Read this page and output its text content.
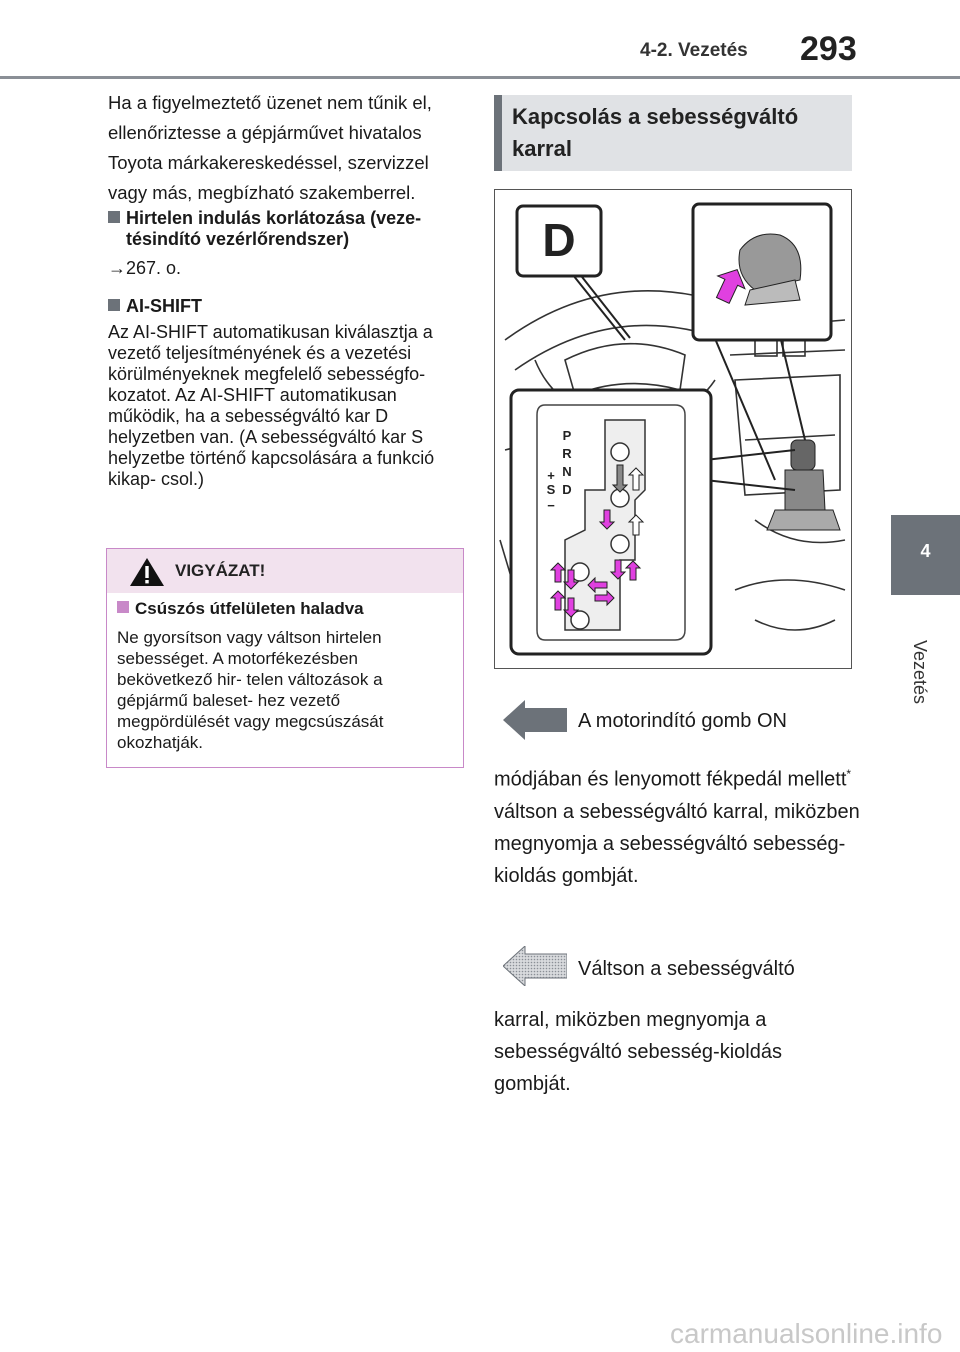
4-2. Vezetés 293
4
Vezetés
Ha a figyelmeztető üzenet nem tűnik el, ellenőriztesse a gépjárművet hivatalos Toyota márkakereskedéssel, szervizzel vagy más, megbízható szakemberrel.
Hirtelen indulás korlátozása (veze-
tésindító vezérlőrendszer)
→267. o.
AI-SHIFT
Az AI-SHIFT automatikusan kiválasztja a vezető teljesítményének és a vezetési körülményeknek megfelelő sebességfo- kozatot. Az AI-SHIFT automatikusan működik, ha a sebességváltó kar D helyzetben van. (A sebességváltó kar S helyzetbe történő kapcsolására a funkció kikap- csol.)
VIGYÁZAT!
Csúszós útfelületen haladva
Ne gyorsítson vagy váltson hirtelen sebességet. A motorfékezésben bekövetkező hir- telen változások a gépjármű baleset- hez vezető megpördülését vagy megcsúszását okozhatják.
Kapcsolás a sebességváltó karral
D
P
R
N
D
S
+
−
A motorindító gomb ON
módjában és lenyomott fékpedál mellett* váltson a sebességváltó karral, miközben megnyomja a sebességváltó sebesség-kioldás gombját.
Váltson a sebességváltó
karral, miközben megnyomja a sebességváltó sebesség-kioldás gombját.
carmanualsonline.info
